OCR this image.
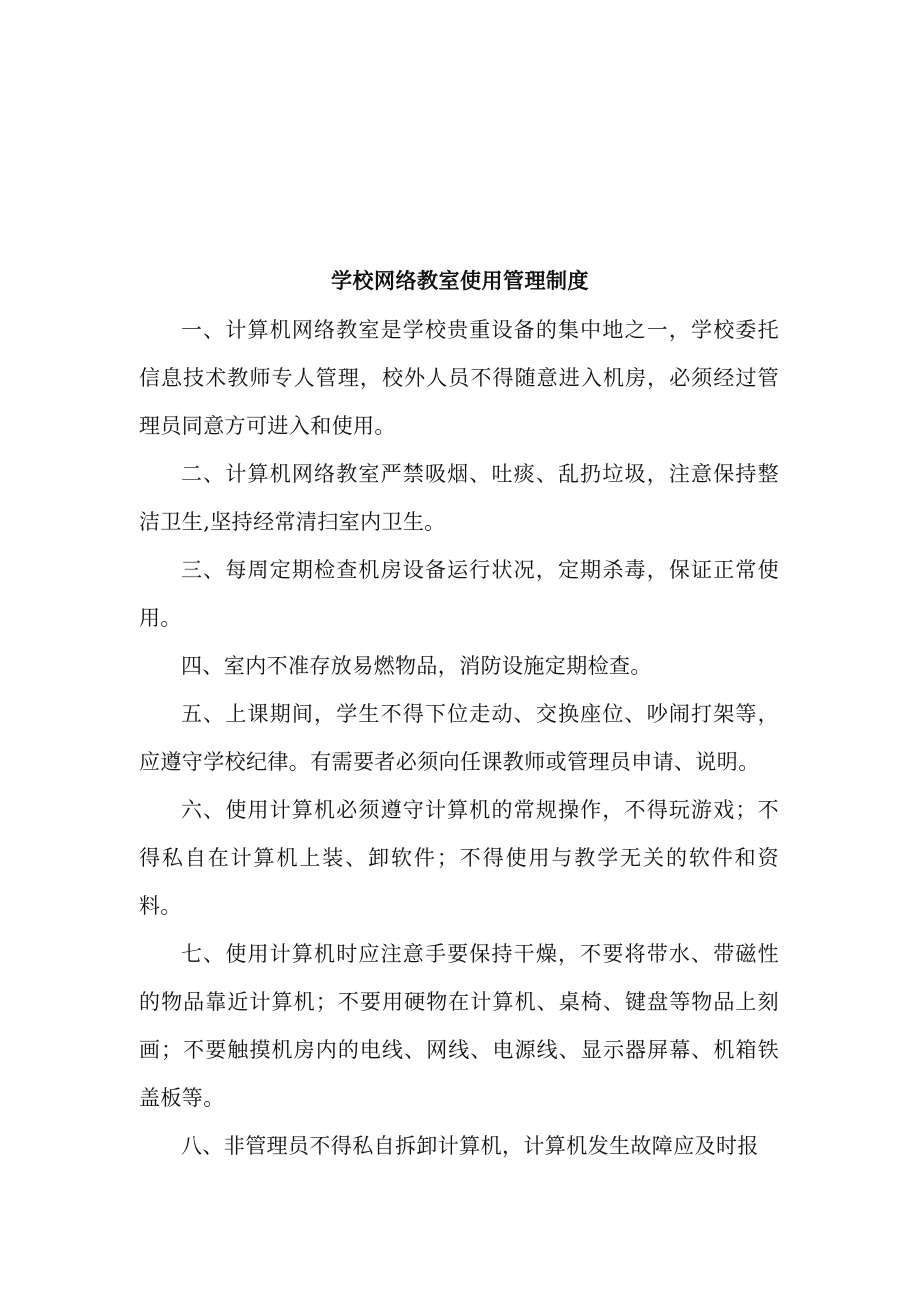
学校网络教室使用管理制度

一、计算机网络教室是学校贵重设备的集中地之一，学校委托信息技术教师专人管理，校外人员不得随意进入机房，必须经过管理员同意方可进入和使用。

二、计算机网络教室严禁吸烟、吐痰、乱扔垃圾，注意保持整洁卫生,坚持经常清扫室内卫生。

三、每周定期检查机房设备运行状况，定期杀毒，保证正常使用。

四、室内不准存放易燃物品，消防设施定期检查。

五、上课期间，学生不得下位走动、交换座位、吵闹打架等，应遵守学校纪律。有需要者必须向任课教师或管理员申请、说明。

六、使用计算机必须遵守计算机的常规操作，不得玩游戏；不得私自在计算机上装、卸软件；不得使用与教学无关的软件和资料。

七、使用计算机时应注意手要保持干燥，不要将带水、带磁性的物品靠近计算机；不要用硬物在计算机、桌椅、键盘等物品上刻画；不要触摸机房内的电线、网线、电源线、显示器屏幕、机箱铁盖板等。

八、非管理员不得私自拆卸计算机，计算机发生故障应及时报
